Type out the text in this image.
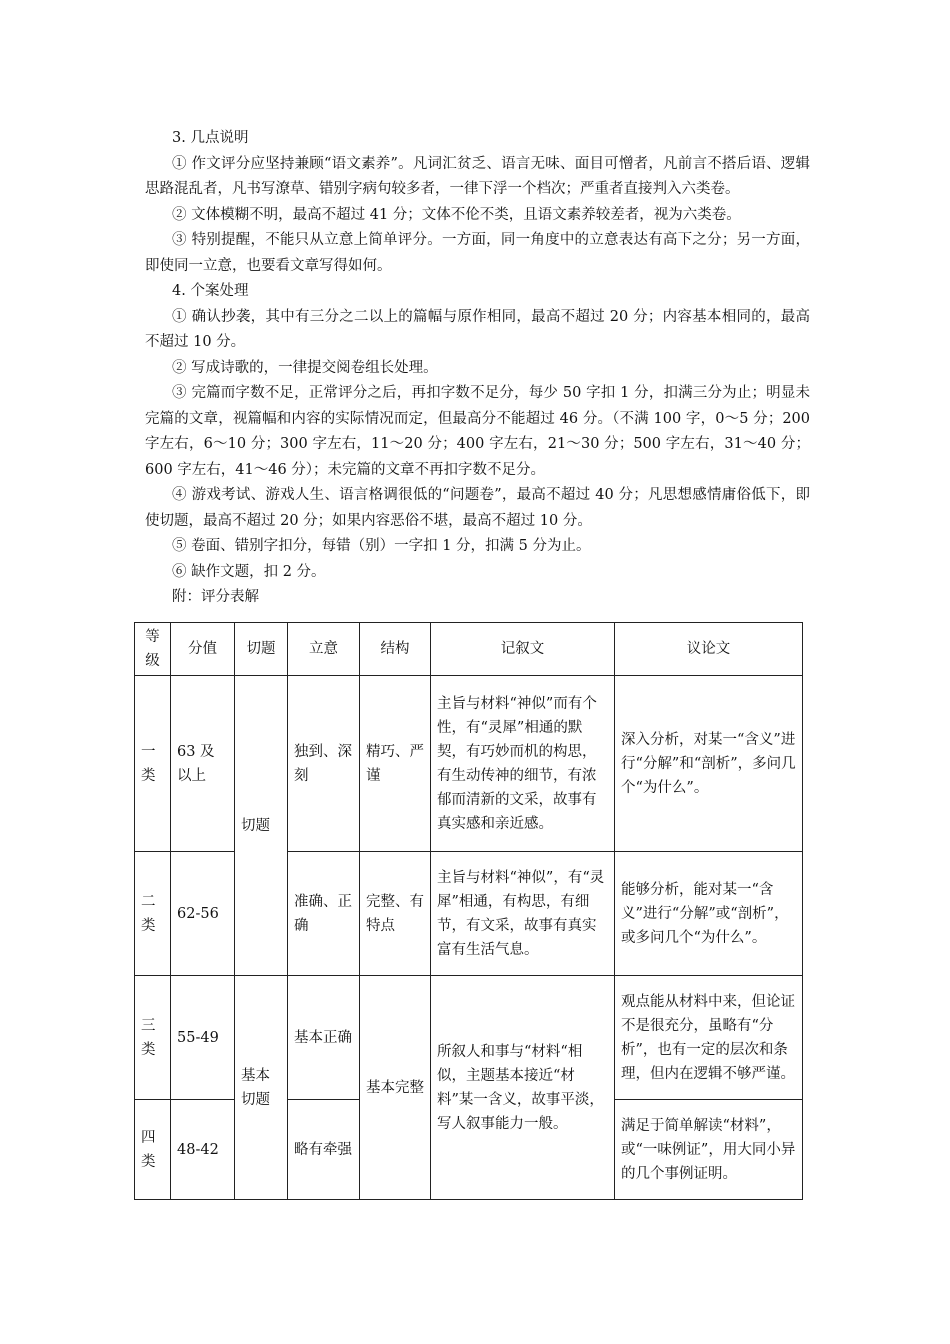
3. 几点说明

① 作文评分应坚持兼顾“语文素养”。凡词汇贫乏、语言无味、面目可憎者，凡前言不搭后语、逻辑思路混乱者，凡书写潦草、错别字病句较多者，一律下浮一个档次；严重者直接判入六类卷。

② 文体模糊不明，最高不超过 41 分；文体不伦不类，且语文素养较差者，视为六类卷。

③ 特别提醒，不能只从立意上简单评分。一方面，同一角度中的立意表达有高下之分；另一方面，即使同一立意，也要看文章写得如何。

4. 个案处理

① 确认抄袭，其中有三分之二以上的篇幅与原作相同，最高不超过 20 分；内容基本相同的，最高不超过 10 分。

② 写成诗歌的，一律提交阅卷组长处理。

③ 完篇而字数不足，正常评分之后，再扣字数不足分，每少 50 字扣 1 分，扣满三分为止；明显未完篇的文章，视篇幅和内容的实际情况而定，但最高分不能超过 46 分。（不满 100 字，0～5 分；200 字左右，6～10 分；300 字左右，11～20 分；400 字左右，21～30 分；500 字左右，31～40 分；600 字左右，41～46 分）；未完篇的文章不再扣字数不足分。

④ 游戏考试、游戏人生、语言格调很低的“问题卷”，最高不超过 40 分；凡思想感情庸俗低下，即使切题，最高不超过 20 分；如果内容恶俗不堪，最高不超过 10 分。

⑤ 卷面、错别字扣分，每错（别）一字扣 1 分，扣满 5 分为止。

⑥ 缺作文题，扣 2 分。

附：评分表解

等级	分值	切题	立意	结构	记叙文	议论文
一类	63 及以上	切题	独到、深刻	精巧、严谨	主旨与材料“神似”而有个性，有“灵犀”相通的默契，有巧妙而机的构思，有生动传神的细节，有浓郁而清新的文采，故事有真实感和亲近感。	深入分析，对某一“含义”进行“分解”和“剖析”，多问几个“为什么”。
二类	62-56		准确、正确	完整、有特点	主旨与材料“神似”，有“灵犀”相通，有构思，有细节，有文采，故事有真实富有生活气息。	能够分析，能对某一“含义”进行“分解”或“剖析”，或多问几个“为什么”。
三类	55-49	基本切题	基本正确	基本完整	所叙人和事与“材料“相似，主题基本接近“材料”某一含义，故事平淡，写人叙事能力一般。	观点能从材料中来，但论证不是很充分，虽略有“分析”，也有一定的层次和条理，但内在逻辑不够严谨。
四类	48-42		略有牵强			满足于简单解读“材料”，或“一味例证”，用大同小异的几个事例证明。
